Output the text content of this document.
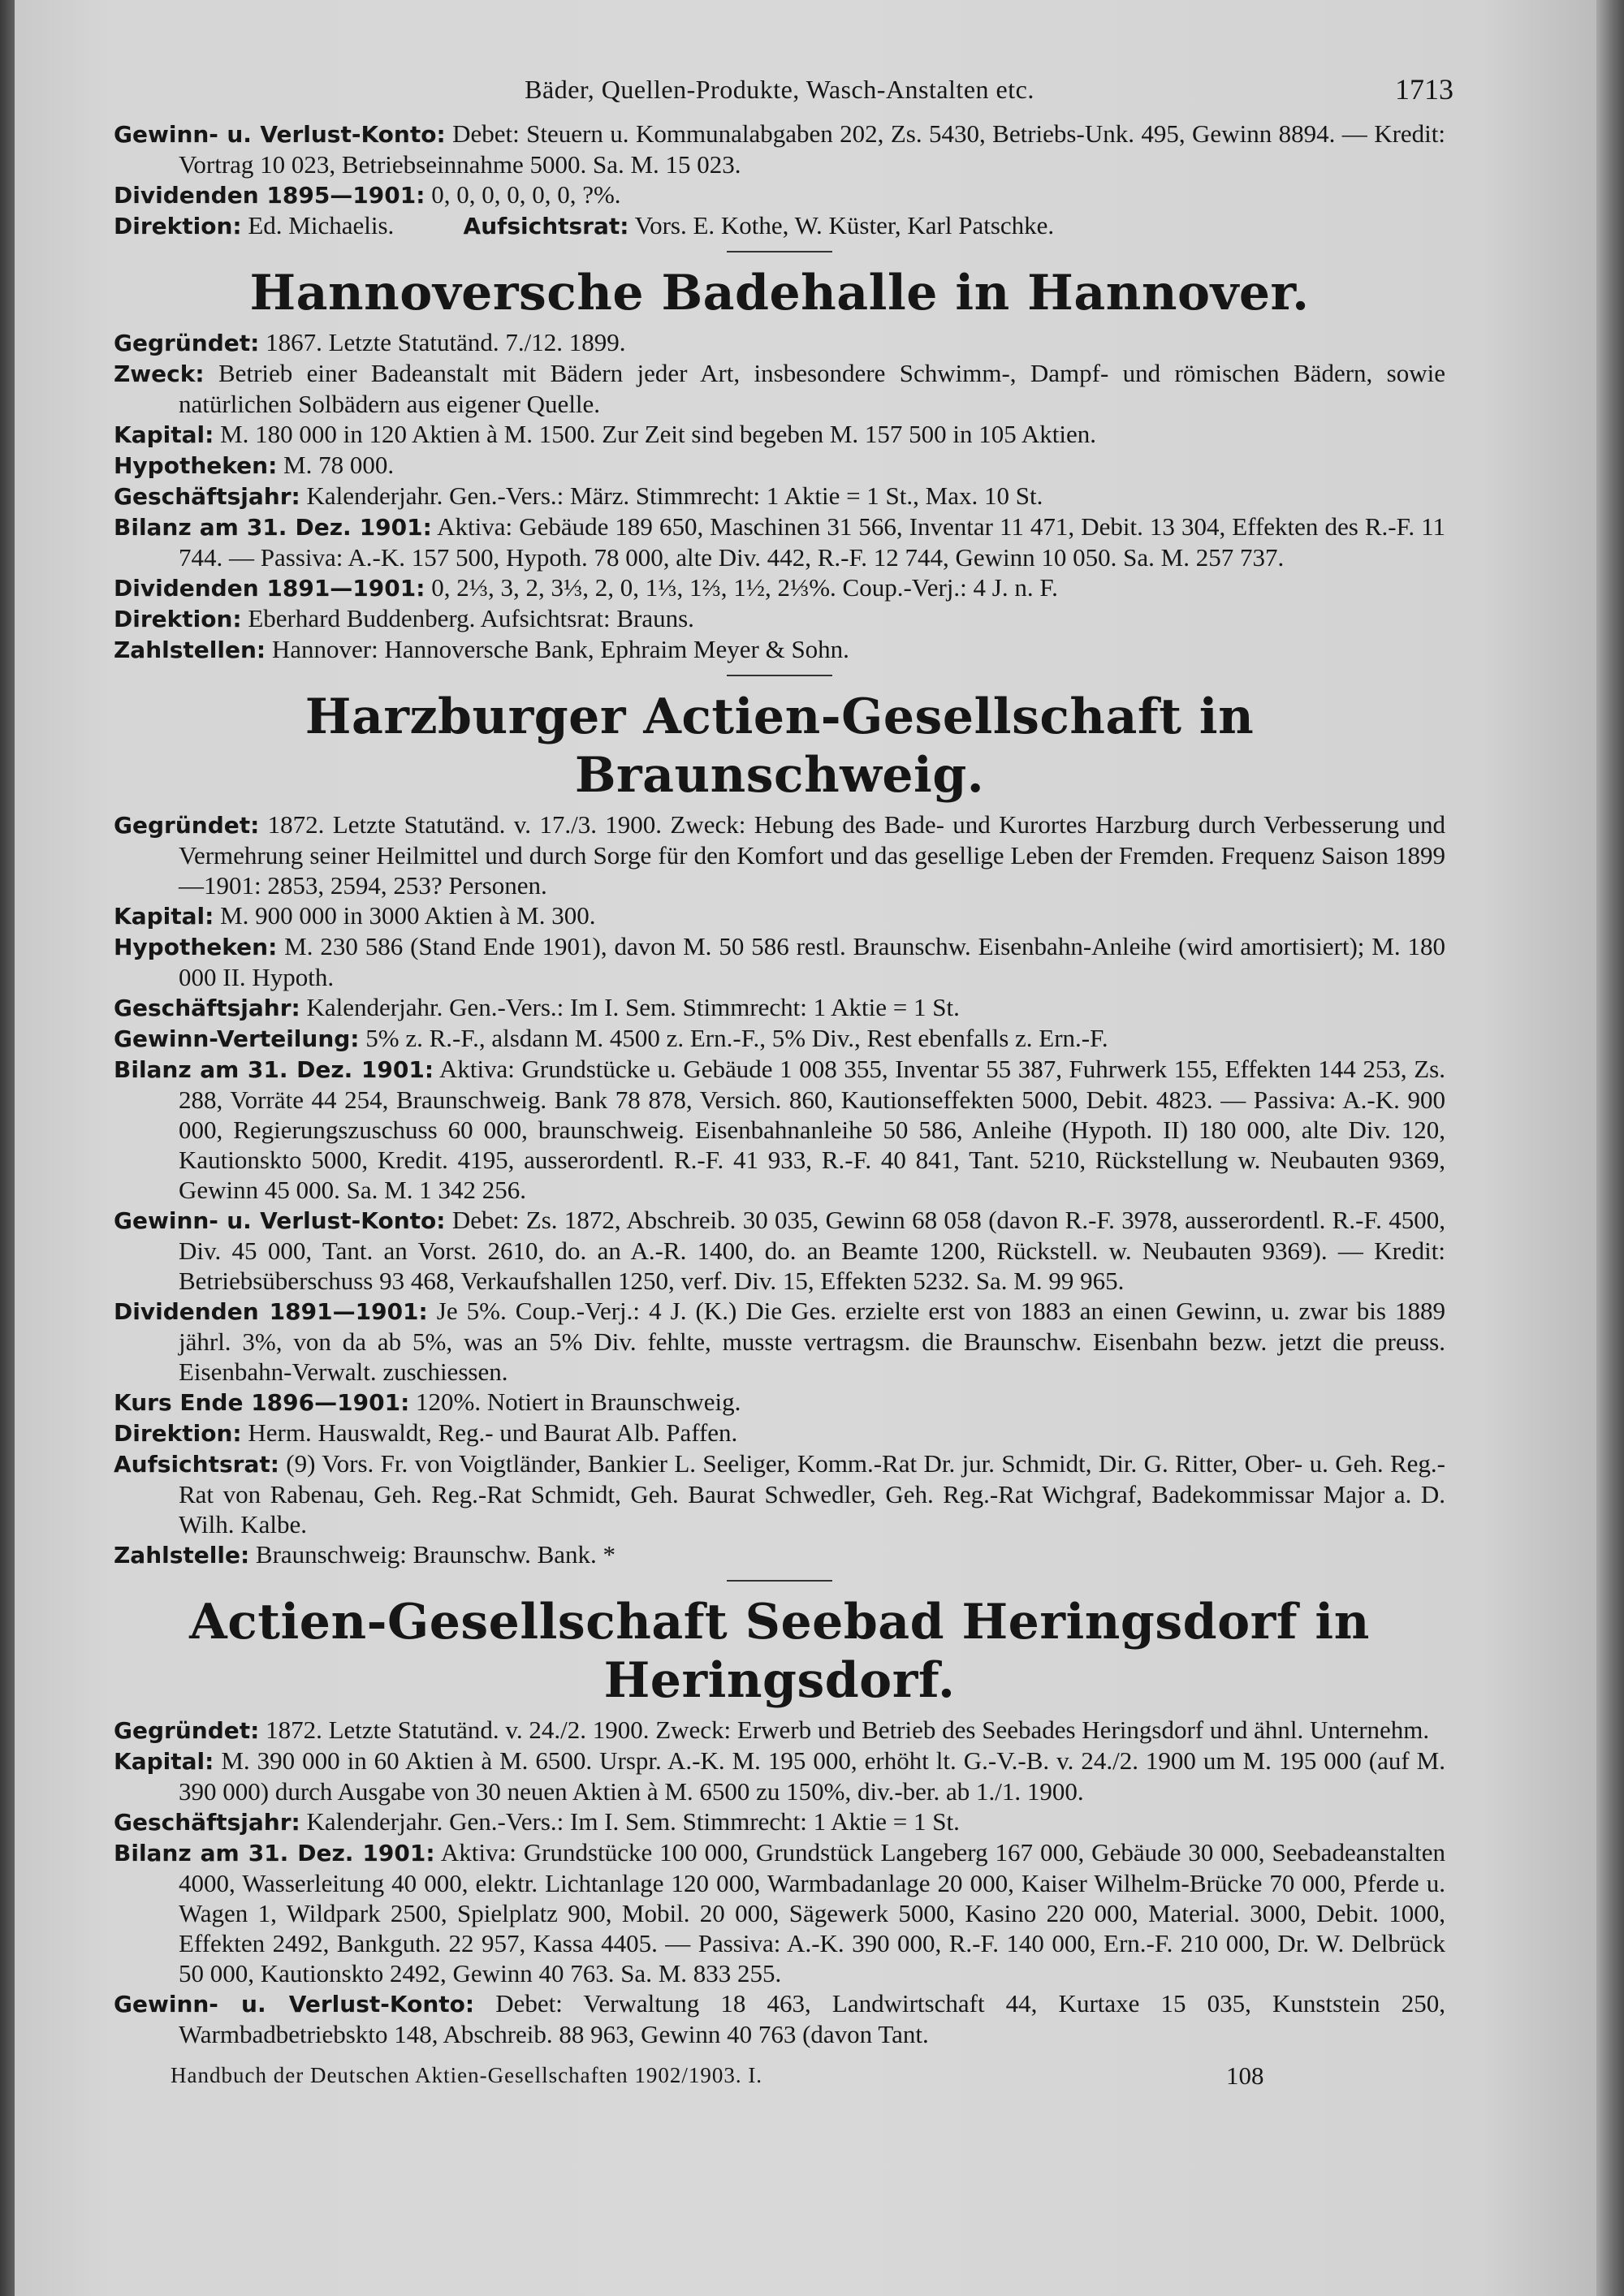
Bäder, Quellen-Produkte, Wasch-Anstalten etc.	1713

Gewinn- u. Verlust-Konto: Debet: Steuern u. Kommunalabgaben 202, Zs. 5430, Betriebs-Unk. 495, Gewinn 8894. — Kredit: Vortrag 10 023, Betriebseinnahme 5000. Sa. M. 15 023.

Dividenden 1895—1901: 0, 0, 0, 0, 0, 0, ?%.

Direktion: Ed. Michaelis.	Aufsichtsrat: Vors. E. Kothe, W. Küster, Karl Patschke.

Hannoversche Badehalle in Hannover.

Gegründet: 1867. Letzte Statutänd. 7./12. 1899.

Zweck: Betrieb einer Badeanstalt mit Bädern jeder Art, insbesondere Schwimm-, Dampf- und römischen Bädern, sowie natürlichen Solbädern aus eigener Quelle.

Kapital: M. 180 000 in 120 Aktien à M. 1500. Zur Zeit sind begeben M. 157 500 in 105 Aktien.

Hypotheken: M. 78 000.

Geschäftsjahr: Kalenderjahr. Gen.-Vers.: März. Stimmrecht: 1 Aktie = 1 St., Max. 10 St.

Bilanz am 31. Dez. 1901: Aktiva: Gebäude 189 650, Maschinen 31 566, Inventar 11 471, Debit. 13 304, Effekten des R.-F. 11 744. — Passiva: A.-K. 157 500, Hypoth. 78 000, alte Div. 442, R.-F. 12 744, Gewinn 10 050. Sa. M. 257 737.

Dividenden 1891—1901: 0, 2⅓, 3, 2, 3⅓, 2, 0, 1⅓, 1⅔, 1½, 2⅓%. Coup.-Verj.: 4 J. n. F.

Direktion: Eberhard Buddenberg. Aufsichtsrat: Brauns.

Zahlstellen: Hannover: Hannoversche Bank, Ephraim Meyer & Sohn.

Harzburger Actien-Gesellschaft in Braunschweig.

Gegründet: 1872. Letzte Statutänd. v. 17./3. 1900. Zweck: Hebung des Bade- und Kurortes Harzburg durch Verbesserung und Vermehrung seiner Heilmittel und durch Sorge für den Komfort und das gesellige Leben der Fremden. Frequenz Saison 1899—1901: 2853, 2594, 253? Personen.

Kapital: M. 900 000 in 3000 Aktien à M. 300.

Hypotheken: M. 230 586 (Stand Ende 1901), davon M. 50 586 restl. Braunschw. Eisenbahn-Anleihe (wird amortisiert); M. 180 000 II. Hypoth.

Geschäftsjahr: Kalenderjahr. Gen.-Vers.: Im I. Sem. Stimmrecht: 1 Aktie = 1 St.

Gewinn-Verteilung: 5% z. R.-F., alsdann M. 4500 z. Ern.-F., 5% Div., Rest ebenfalls z. Ern.-F.

Bilanz am 31. Dez. 1901: Aktiva: Grundstücke u. Gebäude 1 008 355, Inventar 55 387, Fuhrwerk 155, Effekten 144 253, Zs. 288, Vorräte 44 254, Braunschweig. Bank 78 878, Versich. 860, Kautionseffekten 5000, Debit. 4823. — Passiva: A.-K. 900 000, Regierungszuschuss 60 000, braunschweig. Eisenbahnanleihe 50 586, Anleihe (Hypoth. II) 180 000, alte Div. 120, Kautionskto 5000, Kredit. 4195, ausserordentl. R.-F. 41 933, R.-F. 40 841, Tant. 5210, Rückstellung w. Neubauten 9369, Gewinn 45 000. Sa. M. 1 342 256.

Gewinn- u. Verlust-Konto: Debet: Zs. 1872, Abschreib. 30 035, Gewinn 68 058 (davon R.-F. 3978, ausserordentl. R.-F. 4500, Div. 45 000, Tant. an Vorst. 2610, do. an A.-R. 1400, do. an Beamte 1200, Rückstell. w. Neubauten 9369). — Kredit: Betriebsüberschuss 93 468, Verkaufshallen 1250, verf. Div. 15, Effekten 5232. Sa. M. 99 965.

Dividenden 1891—1901: Je 5%. Coup.-Verj.: 4 J. (K.) Die Ges. erzielte erst von 1883 an einen Gewinn, u. zwar bis 1889 jährl. 3%, von da ab 5%, was an 5% Div. fehlte, musste vertragsm. die Braunschw. Eisenbahn bezw. jetzt die preuss. Eisenbahn-Verwalt. zuschiessen.

Kurs Ende 1896—1901: 120%. Notiert in Braunschweig.

Direktion: Herm. Hauswaldt, Reg.- und Baurat Alb. Paffen.

Aufsichtsrat: (9) Vors. Fr. von Voigtländer, Bankier L. Seeliger, Komm.-Rat Dr. jur. Schmidt, Dir. G. Ritter, Ober- u. Geh. Reg.-Rat von Rabenau, Geh. Reg.-Rat Schmidt, Geh. Baurat Schwedler, Geh. Reg.-Rat Wichgraf, Badekommissar Major a. D. Wilh. Kalbe.

Zahlstelle: Braunschweig: Braunschw. Bank. *

Actien-Gesellschaft Seebad Heringsdorf in Heringsdorf.

Gegründet: 1872. Letzte Statutänd. v. 24./2. 1900. Zweck: Erwerb und Betrieb des Seebades Heringsdorf und ähnl. Unternehm.

Kapital: M. 390 000 in 60 Aktien à M. 6500. Urspr. A.-K. M. 195 000, erhöht lt. G.-V.-B. v. 24./2. 1900 um M. 195 000 (auf M. 390 000) durch Ausgabe von 30 neuen Aktien à M. 6500 zu 150%, div.-ber. ab 1./1. 1900.

Geschäftsjahr: Kalenderjahr. Gen.-Vers.: Im I. Sem. Stimmrecht: 1 Aktie = 1 St.

Bilanz am 31. Dez. 1901: Aktiva: Grundstücke 100 000, Grundstück Langeberg 167 000, Gebäude 30 000, Seebadeanstalten 4000, Wasserleitung 40 000, elektr. Lichtanlage 120 000, Warmbadanlage 20 000, Kaiser Wilhelm-Brücke 70 000, Pferde u. Wagen 1, Wildpark 2500, Spielplatz 900, Mobil. 20 000, Sägewerk 5000, Kasino 220 000, Material. 3000, Debit. 1000, Effekten 2492, Bankguth. 22 957, Kassa 4405. — Passiva: A.-K. 390 000, R.-F. 140 000, Ern.-F. 210 000, Dr. W. Delbrück 50 000, Kautionskto 2492, Gewinn 40 763. Sa. M. 833 255.

Gewinn- u. Verlust-Konto: Debet: Verwaltung 18 463, Landwirtschaft 44, Kurtaxe 15 035, Kunststein 250, Warmbadbetriebskto 148, Abschreib. 88 963, Gewinn 40 763 (davon Tant.

Handbuch der Deutschen Aktien-Gesellschaften 1902/1903. I.	108
